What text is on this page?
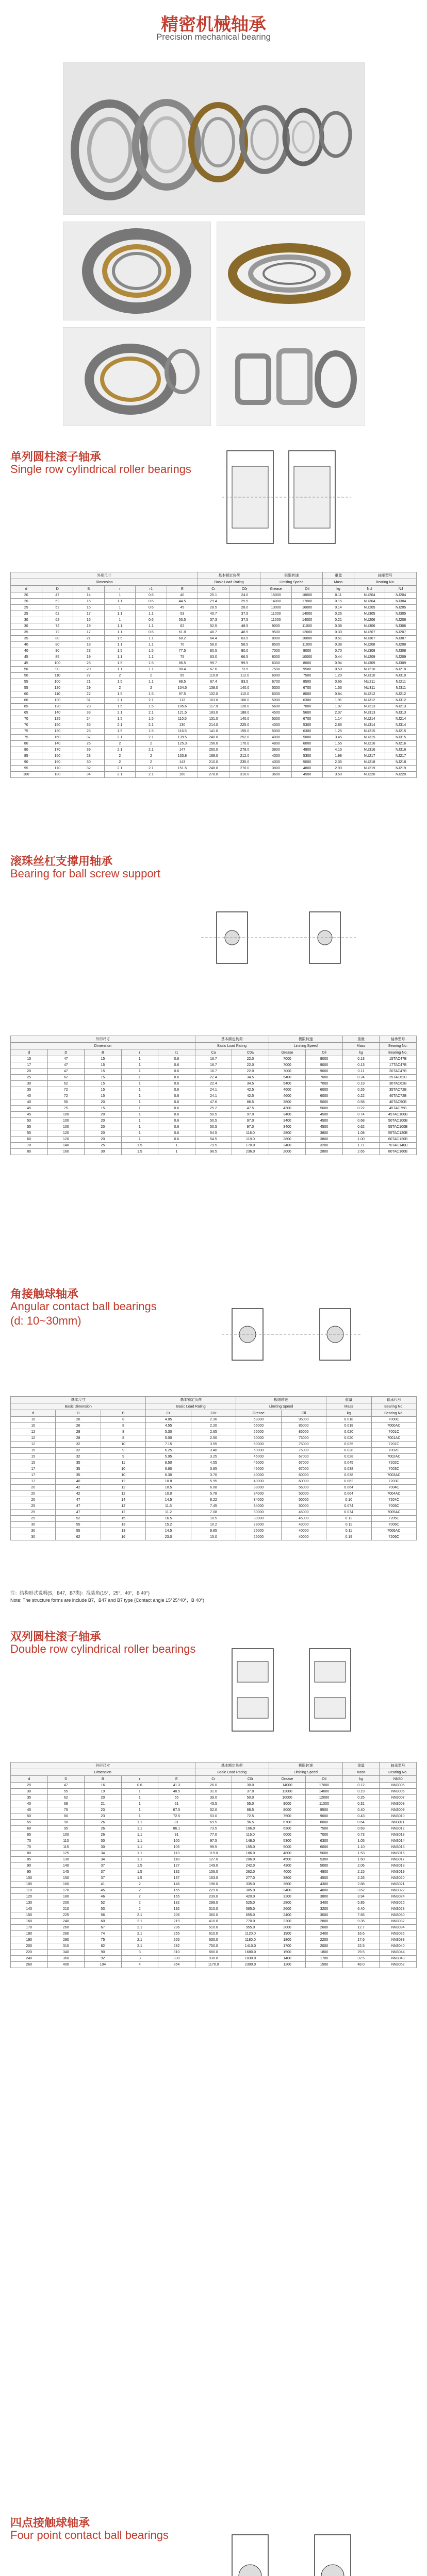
精密机械轴承
Precision mechanical bearing
单列圆柱滚子轴承
Single row cylindrical roller bearings
外形尺寸						基本额定负荷		极限转速		重量	轴承型号	
Dimension						Basic Load Rating		Limiting Speed		Mass	Bearing No.	
d	D	B	r	r1	E	Cr	C0r	Grease	Oil	kg	NU	NJ
20	47	14	1	0.6	40	25.1	24.0	15000	18000	0.11	NU204	NJ204
20	52	15	1.1	0.6	44.5	29.4	25.5	14000	17000	0.15	NU304	NJ304
25	52	15	1	0.6	45	28.5	28.0	13000	16000	0.14	NU205	NJ205
25	62	17	1.1	1.1	53	40.7	37.5	11000	14000	0.26	NU305	NJ305
30	62	16	1	0.6	53.5	37.3	37.5	11000	14000	0.21	NU206	NJ206
30	72	19	1.1	1.1	62	52.5	48.5	9000	11000	0.38	NU306	NJ306
35	72	17	1.1	0.6	61.8	48.7	48.5	9500	12000	0.30	NU207	NJ207
35	80	21	1.5	1.1	68.2	64.4	63.5	8000	10000	0.51	NU307	NJ307
40	80	18	1.1	1.1	70	58.0	58.5	8500	11000	0.38	NU208	NJ208
40	90	23	1.5	1.5	77.5	80.5	80.0	7000	9000	0.70	NU308	NJ308
45	85	19	1.1	1.1	75	63.0	66.5	8000	10000	0.44	NU209	NJ209
45	100	25	1.5	1.5	86.5	99.7	99.5	6300	8000	0.94	NU309	NJ309
50	90	20	1.1	1.1	80.4	67.6	73.5	7500	9500	0.50	NU210	NJ210
50	110	27	2	2	95	110.0	112.0	6000	7500	1.20	NU310	NJ310
55	100	21	1.5	1.1	88.5	87.4	93.5	6700	8500	0.66	NU211	NJ211
55	120	29	2	2	104.5	138.0	140.0	5300	6700	1.53	NU311	NJ311
60	110	22	1.5	1.5	97.5	102.0	110.0	6300	8000	0.84	NU212	NJ212
60	130	31	2.1	2.1	113	163.0	168.0	5000	6300	1.91	NU312	NJ312
65	120	23	1.5	1.5	105.6	117.0	128.0	5600	7000	1.07	NU213	NJ213
65	140	33	2.1	2.1	121.5	183.0	188.0	4500	5600	2.37	NU313	NJ313
70	125	24	1.5	1.5	110.5	131.0	140.0	5300	6700	1.14	NU214	NJ214
70	150	35	2.1	2.1	130	214.0	225.0	4300	5300	2.85	NU314	NJ314
75	130	25	1.5	1.5	116.5	141.0	155.0	5000	6300	1.25	NU215	NJ215
75	160	37	2.1	2.1	139.5	240.0	252.0	4000	5000	3.45	NU315	NJ315
80	140	26	2	2	125.3	156.0	170.0	4800	6000	1.55	NU216	NJ216
80	170	39	2.1	2.1	147	260.0	278.0	3800	4800	4.15	NU316	NJ316
85	150	28	2	2	133.8	189.0	212.0	4300	5300	1.98	NU217	NJ217
90	160	30	2	2	143	210.0	235.0	4000	5000	2.35	NU218	NJ218
95	170	32	2.1	2.1	151.5	248.0	270.0	3800	4800	2.90	NU219	NJ219
100	180	34	2.1	2.1	160	278.0	310.0	3600	4500	3.50	NU220	NJ220
滚珠丝杠支撑用轴承
Bearing for ball screw support
外形尺寸					基本额定负荷		极限转速		重量	轴承型号
Dimension					Basic Load Rating		Limiting Speed		Mass	Bearing No.
d	D	B	r	r1	Ca	C0a	Grease	Oil	kg	Bearing No.
15	47	15	1	0.6	16.7	22.0	7000	9000	0.13	15TAC47B
17	47	15	1	0.6	16.7	22.0	7000	9000	0.13	17TAC47B
20	47	15	1	0.6	16.7	22.0	7000	9000	0.11	20TAC47B
25	62	15	1	0.6	22.4	34.5	5400	7000	0.24	25TAC62B
30	62	15	1	0.6	22.4	34.5	5400	7000	0.19	30TAC62B
35	72	15	1	0.6	24.1	42.5	4600	6000	0.26	35TAC72B
40	72	15	1	0.6	24.1	42.5	4600	6000	0.22	40TAC72B
40	90	20	1	0.6	47.6	86.5	3800	5000	0.58	40TAC90B
45	75	15	1	0.6	25.2	47.5	4300	5600	0.22	45TAC75B
45	100	20	1	0.6	50.5	97.0	3400	4500	0.74	45TAC100B
50	100	20	1	0.6	50.5	97.0	3400	4500	0.68	50TAC100B
55	100	20	1	0.6	50.5	97.0	3400	4500	0.62	55TAC100B
55	120	20	1	0.6	54.5	118.0	2800	3800	1.08	55TAC120B
60	120	20	1	0.6	54.5	118.0	2800	3800	1.00	60TAC120B
70	140	25	1.5	1	79.5	170.0	2400	3200	1.71	70TAC140B
80	160	30	1.5	1	98.5	236.0	2000	2800	2.65	80TAC160B
角接触球轴承
Angular contact ball bearings
(d: 10~30mm)
基本尺寸			基本额定负荷		极限转速		重量	轴承代号
Basic Dimension			Basic Load Rating		Limiting Speed		Mass	Bearing No.
d	D	B	Cr	C0r	Grease	Oil	kg	Bearing No.
10	26	8	4.85	2.36	63000	95000	0.018	7000C
10	26	8	4.55	2.20	56000	85000	0.018	7000AC
12	28	8	5.30	2.65	56000	85000	0.020	7001C
12	28	8	5.00	2.50	50000	75000	0.020	7001AC
12	32	10	7.15	3.55	50000	75000	0.035	7201C
15	32	9	6.25	3.40	50000	75000	0.028	7002C
15	32	9	5.95	3.25	45000	67000	0.028	7002AC
15	35	11	8.50	4.55	45000	67000	0.045	7202C
17	35	10	6.60	3.85	45000	67000	0.038	7003C
17	35	10	6.30	3.70	40000	60000	0.038	7003AC
17	40	12	10.8	5.95	40000	60000	0.062	7203C
20	42	12	10.5	6.08	38000	56000	0.064	7004C
20	42	12	10.0	5.78	34000	50000	0.064	7004AC
20	47	14	14.5	8.22	34000	50000	0.10	7204C
25	47	12	11.5	7.45	34000	50000	0.074	7005C
25	47	12	11.2	7.08	30000	45000	0.074	7005AC
25	52	15	16.5	10.5	30000	45000	0.12	7205C
30	55	13	15.2	10.2	28000	43000	0.11	7006C
30	55	13	14.5	9.85	26000	40000	0.11	7006AC
30	62	16	23.0	15.0	26000	40000	0.19	7206C
注：结构形式说明(S，B47，B7类)：混装角(15°，25°，40°，B 40°)
Note: The structure forms are include B7，B47 and B7 type (Contact angle 15°25°40°，B 40°)
双列圆柱滚子轴承
Double row cylindrical roller bearings
外形尺寸					基本额定负荷		极限转速		重量	轴承型号
Dimension					Basic Load Rating		Limiting Speed		Mass	Bearing No.
d	D	B	r	E	Cr	C0r	Grease	Oil	kg	NN30
25	47	16	0.6	41.3	26.0	30.0	14000	17000	0.12	NN3005
30	55	19	1	48.5	31.0	37.0	12000	14000	0.19	NN3006
35	62	20	1	55	39.0	50.0	10000	12000	0.25	NN3007
40	68	21	1	61	43.5	55.0	9000	11000	0.31	NN3008
45	75	23	1	67.5	52.0	68.5	8000	9500	0.40	NN3009
50	80	23	1	72.5	53.0	72.5	7500	9000	0.43	NN3010
55	90	26	1.1	81	69.5	96.5	6700	8000	0.64	NN3011
60	95	26	1.1	86.1	73.5	106.0	6300	7500	0.69	NN3012
65	100	26	1.1	91	77.0	116.0	6000	7000	0.73	NN3013
70	110	30	1.1	100	97.5	148.0	5300	6300	1.05	NN3014
75	115	30	1.1	105	99.5	155.0	5000	6000	1.10	NN3015
80	125	34	1.1	113	119.0	186.0	4800	5600	1.53	NN3016
85	130	34	1.1	118	127.0	206.0	4500	5300	1.60	NN3017
90	140	37	1.5	127	149.0	242.0	4300	5000	2.06	NN3018
95	145	37	1.5	132	156.0	262.0	4000	4800	2.15	NN3019
100	150	37	1.5	137	163.0	277.0	3800	4500	2.26	NN3020
105	160	41	2	146	198.0	335.0	3600	4300	2.88	NN3021
110	170	45	2	155	229.0	385.0	3400	4000	3.62	NN3022
120	180	46	2	165	239.0	420.0	3200	3800	3.94	NN3024
130	200	52	2	182	299.0	525.0	2800	3400	5.85	NN3026
140	210	53	2	192	310.0	565.0	2600	3200	6.40	NN3028
150	225	56	2.1	206	360.0	655.0	2400	3000	7.65	NN3030
160	240	60	2.1	219	410.0	770.0	2200	2800	9.35	NN3032
170	260	67	2.1	236	510.0	955.0	2000	2600	12.7	NN3034
180	280	74	2.1	255	610.0	1120.0	1900	2400	16.6	NN3036
190	290	75	2.1	265	630.0	1180.0	1800	2200	17.6	NN3038
200	310	82	2.1	282	750.0	1410.0	1700	2000	22.5	NN3040
220	340	90	3	310	880.0	1680.0	1500	1800	29.5	NN3044
240	360	92	3	330	930.0	1830.0	1400	1700	32.5	NN3048
260	400	104	4	364	1170.0	2300.0	1200	1500	48.0	NN3052
四点接触球轴承
Four point contact ball bearings
